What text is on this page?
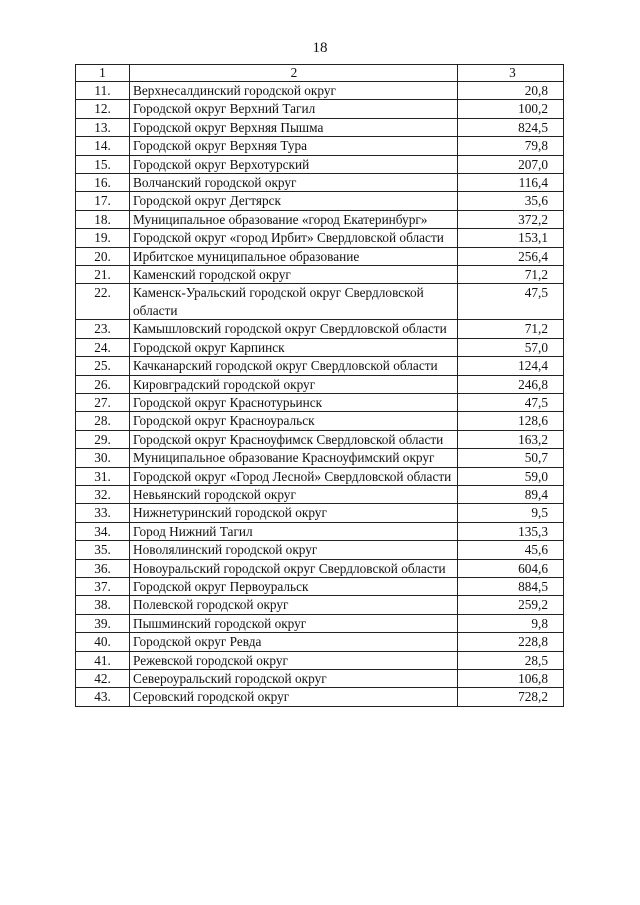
18
1	2	3
11.	Верхнесалдинский городской округ	20,8
12.	Городской округ Верхний Тагил	100,2
13.	Городской округ Верхняя Пышма	824,5
14.	Городской округ Верхняя Тура	79,8
15.	Городской округ Верхотурский	207,0
16.	Волчанский городской округ	116,4
17.	Городской округ Дегтярск	35,6
18.	Муниципальное образование «город Екатеринбург»	372,2
19.	Городской округ «город Ирбит» Свердловской области	153,1
20.	Ирбитское муниципальное образование	256,4
21.	Каменский городской округ	71,2
22.	Каменск-Уральский городской округ Свердловской области	47,5
23.	Камышловский городской округ Свердловской области	71,2
24.	Городской округ Карпинск	57,0
25.	Качканарский городской округ Свердловской области	124,4
26.	Кировградский городской округ	246,8
27.	Городской округ Краснотурьинск	47,5
28.	Городской округ Красноуральск	128,6
29.	Городской округ Красноуфимск Свердловской области	163,2
30.	Муниципальное образование Красноуфимский округ	50,7
31.	Городской округ «Город Лесной» Свердловской области	59,0
32.	Невьянский городской округ	89,4
33.	Нижнетуринский городской округ	9,5
34.	Город Нижний Тагил	135,3
35.	Новолялинский городской округ	45,6
36.	Новоуральский городской округ Свердловской области	604,6
37.	Городской округ Первоуральск	884,5
38.	Полевской городской округ	259,2
39.	Пышминский городской округ	9,8
40.	Городской округ Ревда	228,8
41.	Режевской городской округ	28,5
42.	Североуральский городской округ	106,8
43.	Серовский городской округ	728,2
